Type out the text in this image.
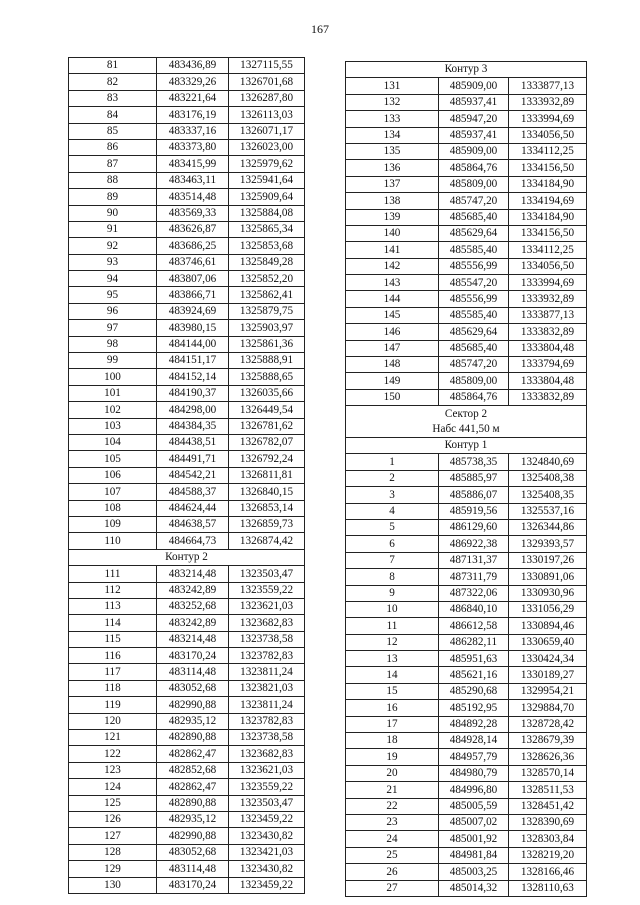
167
81	483436,89	1327115,55
82	483329,26	1326701,68
83	483221,64	1326287,80
84	483176,19	1326113,03
85	483337,16	1326071,17
86	483373,80	1326023,00
87	483415,99	1325979,62
88	483463,11	1325941,64
89	483514,48	1325909,64
90	483569,33	1325884,08
91	483626,87	1325865,34
92	483686,25	1325853,68
93	483746,61	1325849,28
94	483807,06	1325852,20
95	483866,71	1325862,41
96	483924,69	1325879,75
97	483980,15	1325903,97
98	484144,00	1325861,36
99	484151,17	1325888,91
100	484152,14	1325888,65
101	484190,37	1326035,66
102	484298,00	1326449,54
103	484384,35	1326781,62
104	484438,51	1326782,07
105	484491,71	1326792,24
106	484542,21	1326811,81
107	484588,37	1326840,15
108	484624,44	1326853,14
109	484638,57	1326859,73
110	484664,73	1326874,42
Контур 2		
111	483214,48	1323503,47
112	483242,89	1323559,22
113	483252,68	1323621,03
114	483242,89	1323682,83
115	483214,48	1323738,58
116	483170,24	1323782,83
117	483114,48	1323811,24
118	483052,68	1323821,03
119	482990,88	1323811,24
120	482935,12	1323782,83
121	482890,88	1323738,58
122	482862,47	1323682,83
123	482852,68	1323621,03
124	482862,47	1323559,22
125	482890,88	1323503,47
126	482935,12	1323459,22
127	482990,88	1323430,82
128	483052,68	1323421,03
129	483114,48	1323430,82
130	483170,24	1323459,22
Контур 3		
131	485909,00	1333877,13
132	485937,41	1333932,89
133	485947,20	1333994,69
134	485937,41	1334056,50
135	485909,00	1334112,25
136	485864,76	1334156,50
137	485809,00	1334184,90
138	485747,20	1334194,69
139	485685,40	1334184,90
140	485629,64	1334156,50
141	485585,40	1334112,25
142	485556,99	1334056,50
143	485547,20	1333994,69
144	485556,99	1333932,89
145	485585,40	1333877,13
146	485629,64	1333832,89
147	485685,40	1333804,48
148	485747,20	1333794,69
149	485809,00	1333804,48
150	485864,76	1333832,89
Сектор 2		
Набс 441,50 м		
Контур 1		
1	485738,35	1324840,69
2	485885,97	1325408,38
3	485886,07	1325408,35
4	485919,56	1325537,16
5	486129,60	1326344,86
6	486922,38	1329393,57
7	487131,37	1330197,26
8	487311,79	1330891,06
9	487322,06	1330930,96
10	486840,10	1331056,29
11	486612,58	1330894,46
12	486282,11	1330659,40
13	485951,63	1330424,34
14	485621,16	1330189,27
15	485290,68	1329954,21
16	485192,95	1329884,70
17	484892,28	1328728,42
18	484928,14	1328679,39
19	484957,79	1328626,36
20	484980,79	1328570,14
21	484996,80	1328511,53
22	485005,59	1328451,42
23	485007,02	1328390,69
24	485001,92	1328303,84
25	484981,84	1328219,20
26	485003,25	1328166,46
27	485014,32	1328110,63
